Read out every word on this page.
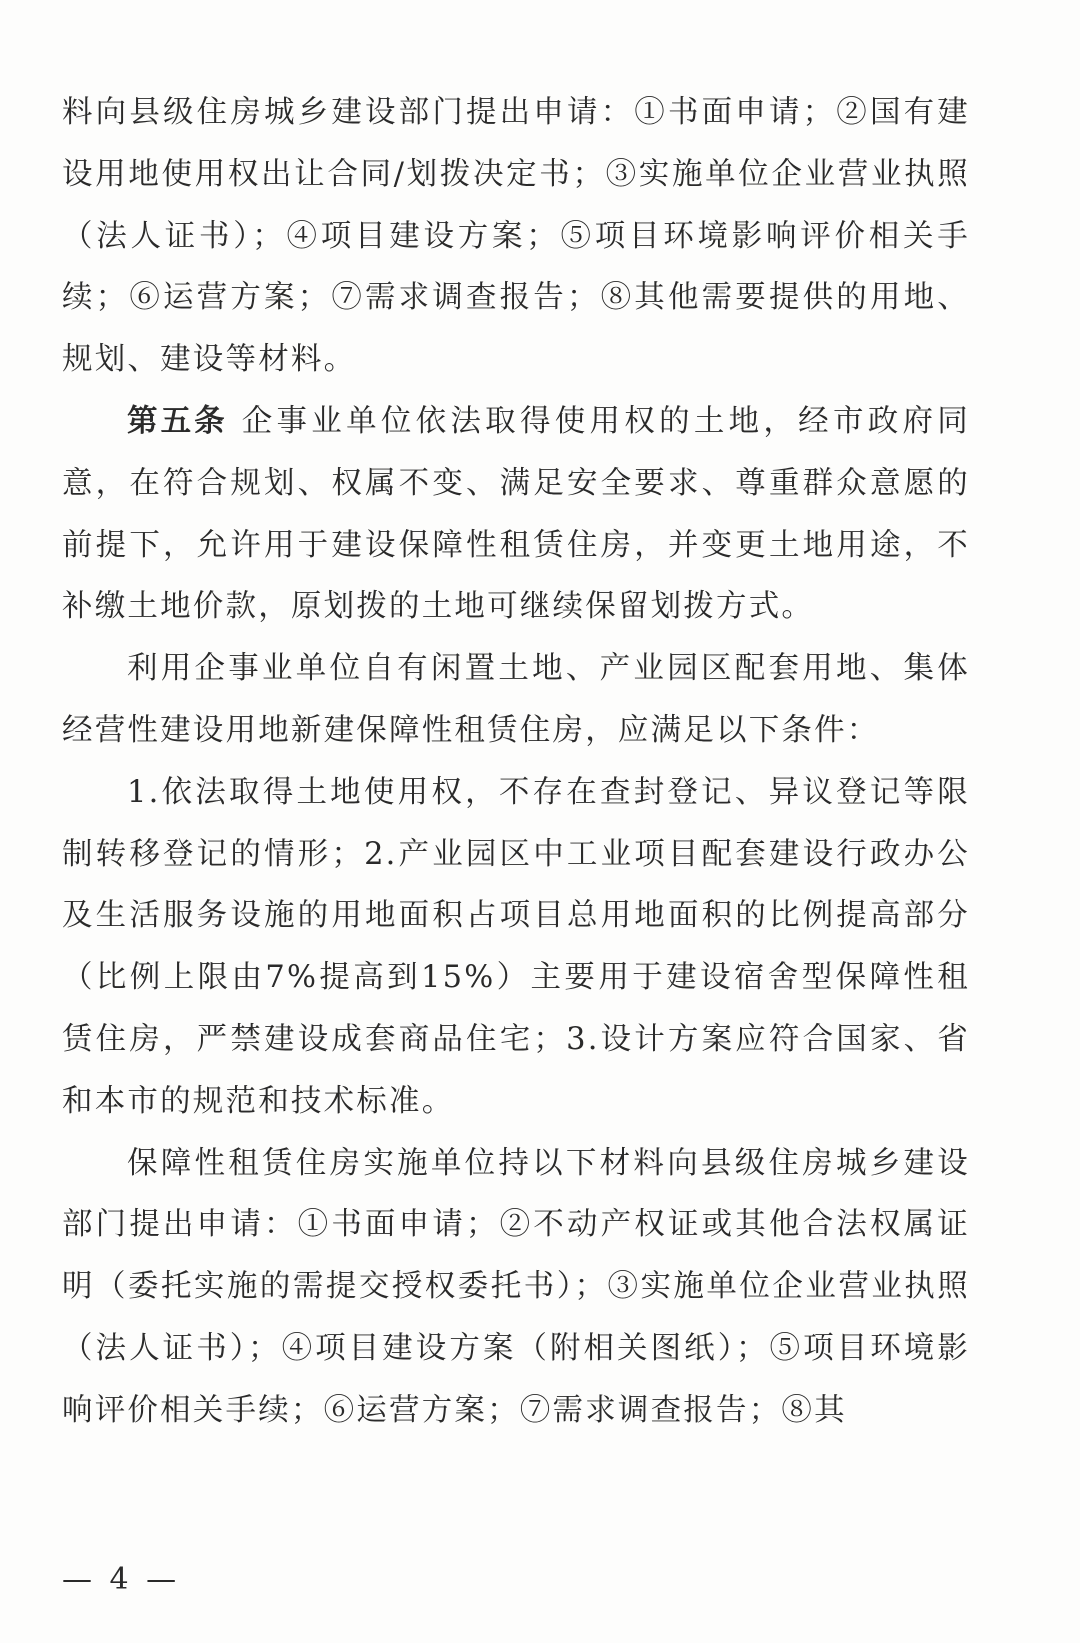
料向县级住房城乡建设部门提出申请：①书面申请；②国有建设用地使用权出让合同/划拨决定书；③实施单位企业营业执照（法人证书）；④项目建设方案；⑤项目环境影响评价相关手续；⑥运营方案；⑦需求调查报告；⑧其他需要提供的用地、规划、建设等材料。

第五条 企事业单位依法取得使用权的土地，经市政府同意，在符合规划、权属不变、满足安全要求、尊重群众意愿的前提下，允许用于建设保障性租赁住房，并变更土地用途，不补缴土地价款，原划拨的土地可继续保留划拨方式。

利用企事业单位自有闲置土地、产业园区配套用地、集体经营性建设用地新建保障性租赁住房，应满足以下条件：

1.依法取得土地使用权，不存在查封登记、异议登记等限制转移登记的情形；2.产业园区中工业项目配套建设行政办公及生活服务设施的用地面积占项目总用地面积的比例提高部分（比例上限由7%提高到15%）主要用于建设宿舍型保障性租赁住房，严禁建设成套商品住宅；3.设计方案应符合国家、省和本市的规范和技术标准。

保障性租赁住房实施单位持以下材料向县级住房城乡建设部门提出申请：①书面申请；②不动产权证或其他合法权属证明（委托实施的需提交授权委托书）；③实施单位企业营业执照（法人证书）；④项目建设方案（附相关图纸）；⑤项目环境影响评价相关手续；⑥运营方案；⑦需求调查报告；⑧其

— 4 —
